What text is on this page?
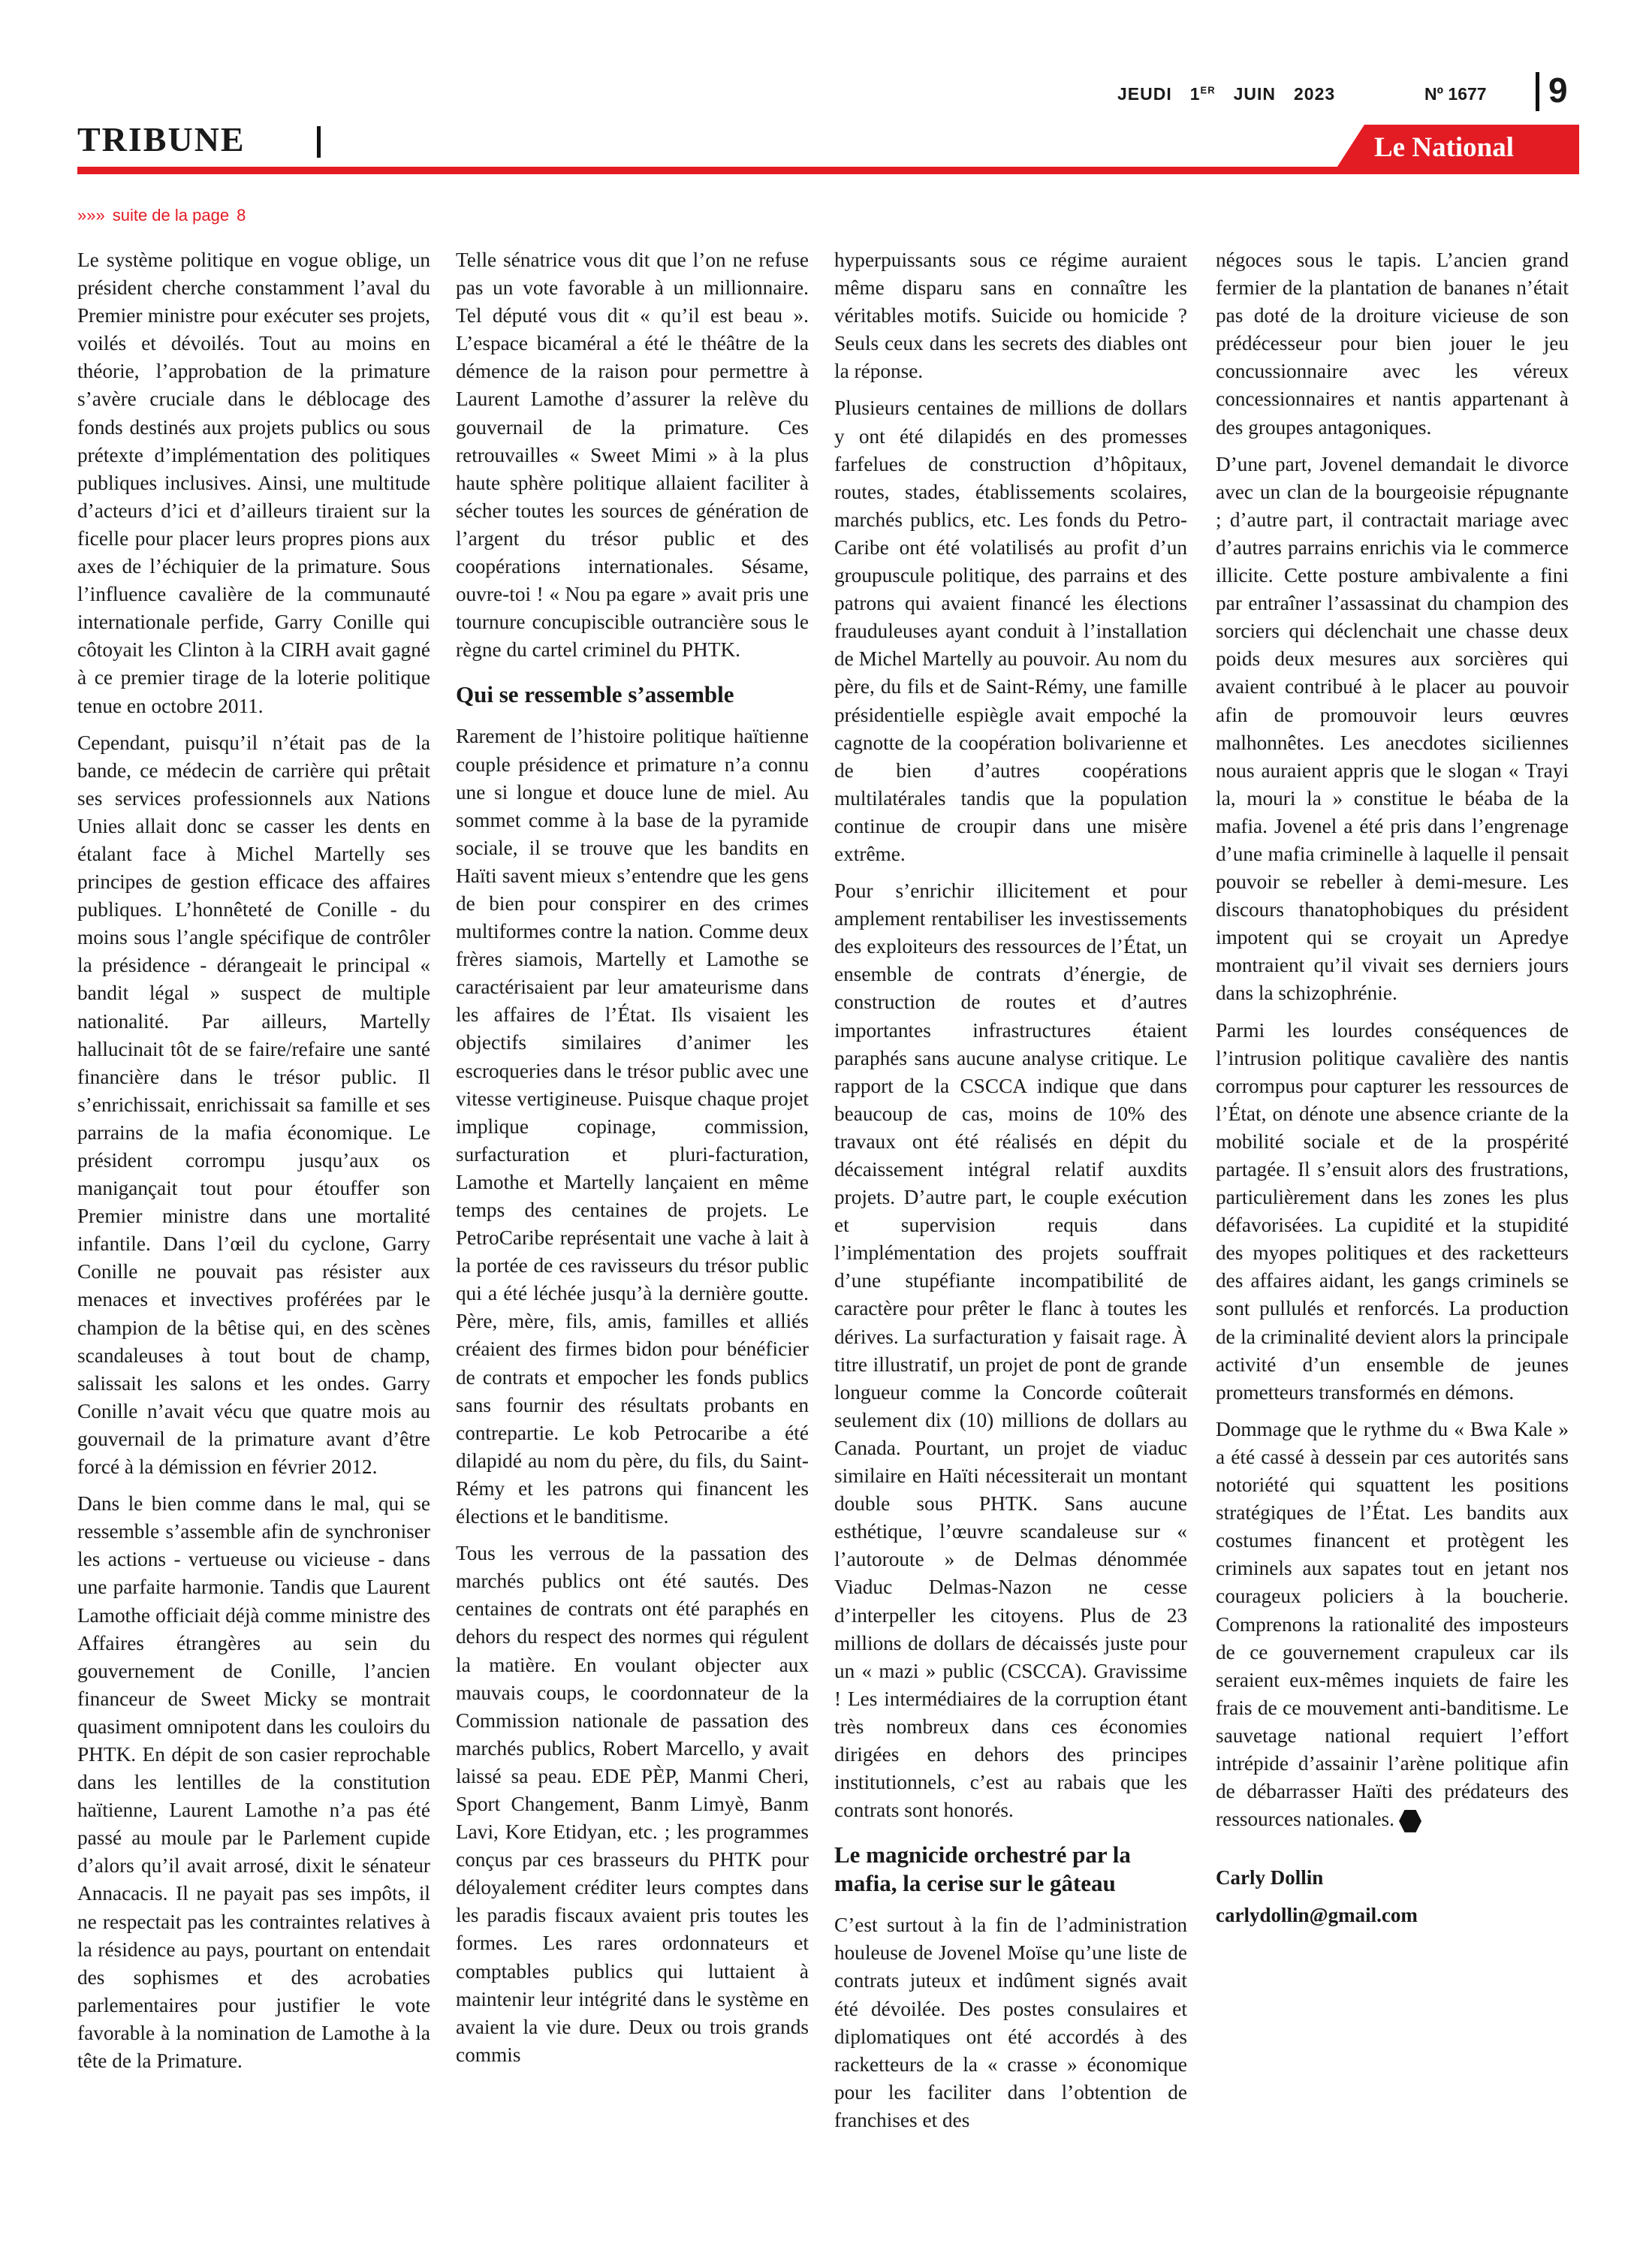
JEUDI 1ER JUIN 2023	Nº 1677 9
TRIBUNE	Le National
»»» suite de la page 8

Le système politique en vogue oblige, un président cherche constamment l’aval du Premier ministre pour exécuter ses projets, voilés et dévoilés. Tout au moins en théorie, l’approbation de la primature s’avère cruciale dans le déblocage des fonds destinés aux projets publics ou sous prétexte d’implémentation des politiques publiques inclusives. Ainsi, une multitude d’acteurs d’ici et d’ailleurs tiraient sur la ficelle pour placer leurs propres pions aux axes de l’échiquier de la primature. Sous l’influence cavalière de la communauté internationale perfide, Garry Conille qui côtoyait les Clinton à la CIRH avait gagné à ce premier tirage de la loterie politique tenue en octobre 2011.

Cependant, puisqu’il n’était pas de la bande, ce médecin de carrière qui prêtait ses services professionnels aux Nations Unies allait donc se casser les dents en étalant face à Michel Martelly ses principes de gestion efficace des affaires publiques. L’honnêteté de Conille - du moins sous l’angle spécifique de contrôler la présidence - dérangeait le principal « bandit légal » suspect de multiple nationalité. Par ailleurs, Martelly hallucinait tôt de se faire/refaire une santé financière dans le trésor public. Il s’enrichissait, enrichissait sa famille et ses parrains de la mafia économique. Le président corrompu jusqu’aux os manigançait tout pour étouffer son Premier ministre dans une mortalité infantile. Dans l’œil du cyclone, Garry Conille ne pouvait pas résister aux menaces et invectives proférées par le champion de la bêtise qui, en des scènes scandaleuses à tout bout de champ, salissait les salons et les ondes. Garry Conille n’avait vécu que quatre mois au gouvernail de la primature avant d’être forcé à la démission en février 2012.

Dans le bien comme dans le mal, qui se ressemble s’assemble afin de synchroniser les actions - vertueuse ou vicieuse - dans une parfaite harmonie. Tandis que Laurent Lamothe officiait déjà comme ministre des Affaires étrangères au sein du gouvernement de Conille, l’ancien financeur de Sweet Micky se montrait quasiment omnipotent dans les couloirs du PHTK. En dépit de son casier reprochable dans les lentilles de la constitution haïtienne, Laurent Lamothe n’a pas été passé au moule par le Parlement cupide d’alors qu’il avait arrosé, dixit le sénateur Annacacis. Il ne payait pas ses impôts, il ne respectait pas les contraintes relatives à la résidence au pays, pourtant on entendait des sophismes et des acrobaties parlementaires pour justifier le vote favorable à la nomination de Lamothe à la tête de la Primature.

Telle sénatrice vous dit que l’on ne refuse pas un vote favorable à un millionnaire. Tel député vous dit « qu’il est beau ». L’espace bicaméral a été le théâtre de la démence de la raison pour permettre à Laurent Lamothe d’assurer la relève du gouvernail de la primature. Ces retrouvailles « Sweet Mimi » à la plus haute sphère politique allaient faciliter à sécher toutes les sources de génération de l’argent du trésor public et des coopérations internationales. Sésame, ouvre-toi ! « Nou pa egare » avait pris une tournure concupiscible outrancière sous le règne du cartel criminel du PHTK.

Qui se ressemble s’assemble

Rarement de l’histoire politique haïtienne couple présidence et primature n’a connu une si longue et douce lune de miel. Au sommet comme à la base de la pyramide sociale, il se trouve que les bandits en Haïti savent mieux s’entendre que les gens de bien pour conspirer en des crimes multiformes contre la nation. Comme deux frères siamois, Martelly et Lamothe se caractérisaient par leur amateurisme dans les affaires de l’État. Ils visaient les objectifs similaires d’animer les escroqueries dans le trésor public avec une vitesse vertigineuse. Puisque chaque projet implique copinage, commission, surfacturation et pluri-facturation, Lamothe et Martelly lançaient en même temps des centaines de projets. Le PetroCaribe représentait une vache à lait à la portée de ces ravisseurs du trésor public qui a été léchée jusqu’à la dernière goutte. Père, mère, fils, amis, familles et alliés créaient des firmes bidon pour bénéficier de contrats et empocher les fonds publics sans fournir des résultats probants en contrepartie. Le kob Petrocaribe a été dilapidé au nom du père, du fils, du Saint-Rémy et les patrons qui financent les élections et le banditisme.

Tous les verrous de la passation des marchés publics ont été sautés. Des centaines de contrats ont été paraphés en dehors du respect des normes qui régulent la matière. En voulant objecter aux mauvais coups, le coordonnateur de la Commission nationale de passation des marchés publics, Robert Marcello, y avait laissé sa peau. EDE PÈP, Manmi Cheri, Sport Changement, Banm Limyè, Banm Lavi, Kore Etidyan, etc. ; les programmes conçus par ces brasseurs du PHTK pour déloyalement créditer leurs comptes dans les paradis fiscaux avaient pris toutes les formes. Les rares ordonnateurs et comptables publics qui luttaient à maintenir leur intégrité dans le système en avaient la vie dure. Deux ou trois grands commis

hyperpuissants sous ce régime auraient même disparu sans en connaître les véritables motifs. Suicide ou homicide ? Seuls ceux dans les secrets des diables ont la réponse.

Plusieurs centaines de millions de dollars y ont été dilapidés en des promesses farfelues de construction d’hôpitaux, routes, stades, établissements scolaires, marchés publics, etc. Les fonds du Petro-Caribe ont été volatilisés au profit d’un groupuscule politique, des parrains et des patrons qui avaient financé les élections frauduleuses ayant conduit à l’installation de Michel Martelly au pouvoir. Au nom du père, du fils et de Saint-Rémy, une famille présidentielle espiègle avait empoché la cagnotte de la coopération bolivarienne et de bien d’autres coopérations multilatérales tandis que la population continue de croupir dans une misère extrême.

Pour s’enrichir illicitement et pour amplement rentabiliser les investissements des exploiteurs des ressources de l’État, un ensemble de contrats d’énergie, de construction de routes et d’autres importantes infrastructures étaient paraphés sans aucune analyse critique. Le rapport de la CSCCA indique que dans beaucoup de cas, moins de 10% des travaux ont été réalisés en dépit du décaissement intégral relatif auxdits projets. D’autre part, le couple exécution et supervision requis dans l’implémentation des projets souffrait d’une stupéfiante incompatibilité de caractère pour prêter le flanc à toutes les dérives. La surfacturation y faisait rage. À titre illustratif, un projet de pont de grande longueur comme la Concorde coûterait seulement dix (10) millions de dollars au Canada. Pourtant, un projet de viaduc similaire en Haïti nécessiterait un montant double sous PHTK. Sans aucune esthétique, l’œuvre scandaleuse sur « l’autoroute » de Delmas dénommée Viaduc Delmas-Nazon ne cesse d’interpeller les citoyens. Plus de 23 millions de dollars de décaissés juste pour un « mazi » public (CSCCA). Gravissime ! Les intermédiaires de la corruption étant très nombreux dans ces économies dirigées en dehors des principes institutionnels, c’est au rabais que les contrats sont honorés.

Le magnicide orchestré par la mafia, la cerise sur le gâteau

C’est surtout à la fin de l’administration houleuse de Jovenel Moïse qu’une liste de contrats juteux et indûment signés avait été dévoilée. Des postes consulaires et diplomatiques ont été accordés à des racketteurs de la « crasse » économique pour les faciliter dans l’obtention de franchises et des

négoces sous le tapis. L’ancien grand fermier de la plantation de bananes n’était pas doté de la droiture vicieuse de son prédécesseur pour bien jouer le jeu concussionnaire avec les véreux concessionnaires et nantis appartenant à des groupes antagoniques.

D’une part, Jovenel demandait le divorce avec un clan de la bourgeoisie répugnante ; d’autre part, il contractait mariage avec d’autres parrains enrichis via le commerce illicite. Cette posture ambivalente a fini par entraîner l’assassinat du champion des sorciers qui déclenchait une chasse deux poids deux mesures aux sorcières qui avaient contribué à le placer au pouvoir afin de promouvoir leurs œuvres malhonnêtes. Les anecdotes siciliennes nous auraient appris que le slogan « Trayi la, mouri la » constitue le béaba de la mafia. Jovenel a été pris dans l’engrenage d’une mafia criminelle à laquelle il pensait pouvoir se rebeller à demi-mesure. Les discours thanatophobiques du président impotent qui se croyait un Apredye montraient qu’il vivait ses derniers jours dans la schizophrénie.

Parmi les lourdes conséquences de l’intrusion politique cavalière des nantis corrompus pour capturer les ressources de l’État, on dénote une absence criante de la mobilité sociale et de la prospérité partagée. Il s’ensuit alors des frustrations, particulièrement dans les zones les plus défavorisées. La cupidité et la stupidité des myopes politiques et des racketteurs des affaires aidant, les gangs criminels se sont pullulés et renforcés. La production de la criminalité devient alors la principale activité d’un ensemble de jeunes prometteurs transformés en démons.

Dommage que le rythme du « Bwa Kale » a été cassé à dessein par ces autorités sans notoriété qui squattent les positions stratégiques de l’État. Les bandits aux costumes financent et protègent les criminels aux sapates tout en jetant nos courageux policiers à la boucherie. Comprenons la rationalité des imposteurs de ce gouvernement crapuleux car ils seraient eux-mêmes inquiets de faire les frais de ce mouvement anti-banditisme. Le sauvetage national requiert l’effort intrépide d’assainir l’arène politique afin de débarrasser Haïti des prédateurs des ressources nationales.

Carly Dollin
carlydollin@gmail.com
